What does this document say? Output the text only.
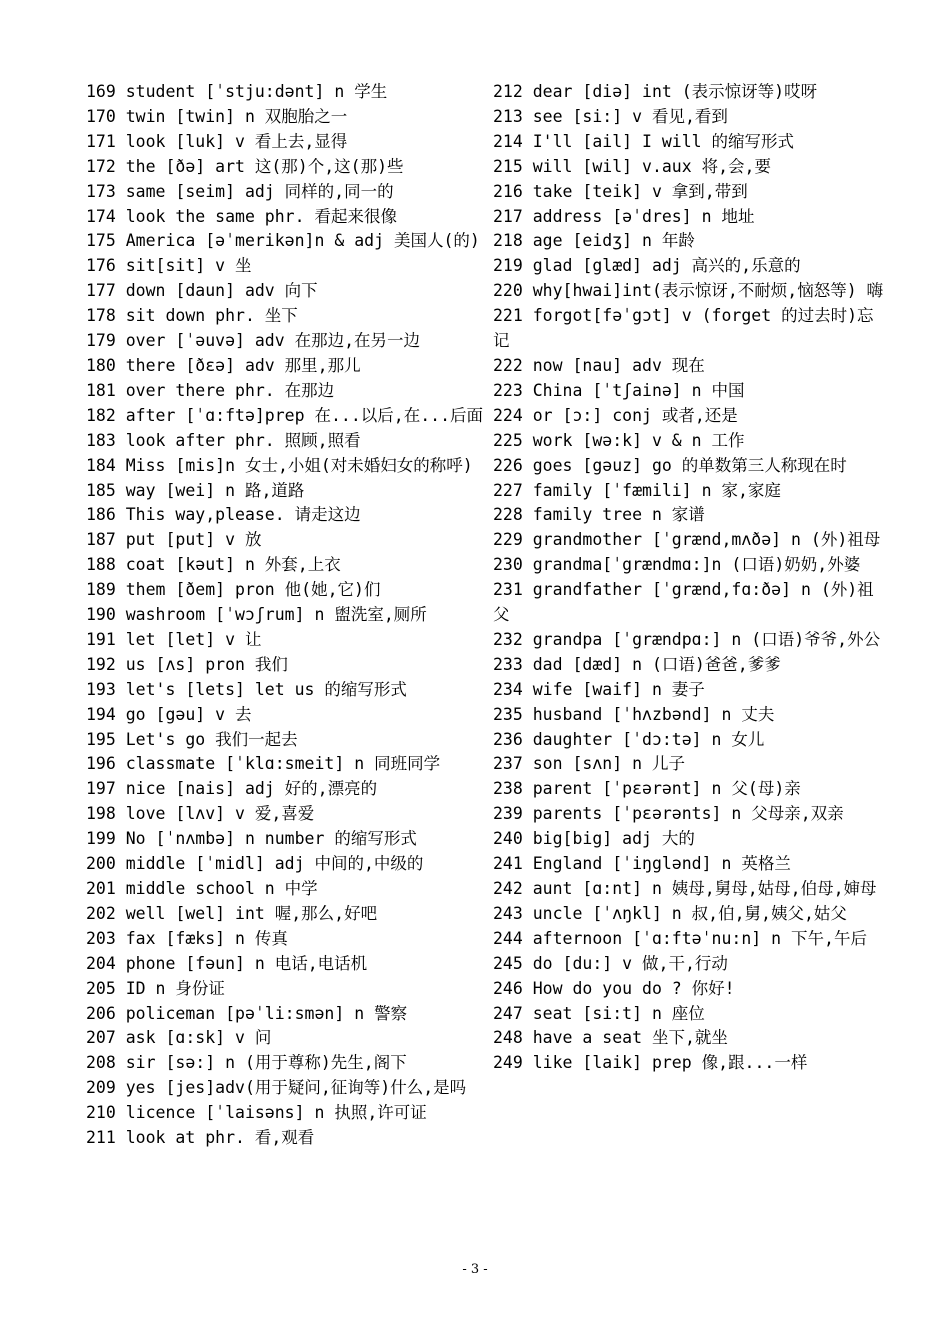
169 student [ˈstju:dənt] n 学生

170 twin [twin] n 双胞胎之一

171 look [luk] v 看上去,显得

172 the [ðə] art 这(那)个,这(那)些

173 same [seim] adj 同样的,同一的

174 look the same phr. 看起来很像

175 America [əˈmerikən]n & adj 美国人(的)

176 sit[sit] v 坐

177 down [daun] adv 向下

178 sit down phr. 坐下

179 over [ˈəuvə] adv 在那边,在另一边

180 there [ðɛə] adv 那里,那儿

181 over there phr. 在那边

182 after [ˈɑ:ftə]prep 在...以后,在...后面

183 look after phr. 照顾,照看

184 Miss [mis]n 女士,小姐(对未婚妇女的称呼)

185 way [wei] n 路,道路

186 This way,please. 请走这边

187 put [put] v 放

188 coat [kəut] n 外套,上衣

189 them [ðem] pron 他(她,它)们

190 washroom [ˈwɔʃrum] n 盥洗室,厕所

191 let [let] v 让

192 us [ʌs] pron 我们

193 let's [lets] let us 的缩写形式

194 go [gəu] v 去

195 Let's go 我们一起去

196 classmate [ˈklɑ:smeit] n 同班同学

197 nice [nais] adj 好的,漂亮的

198 love [lʌv] v 爱,喜爱

199 No [ˈnʌmbə] n number 的缩写形式

200 middle [ˈmidl] adj 中间的,中级的

201 middle school n 中学

202 well [wel] int 喔,那么,好吧

203 fax [fæks] n 传真

204 phone [fəun] n 电话,电话机

205 ID n 身份证

206 policeman [pəˈli:smən] n 警察

207 ask [ɑ:sk] v 问

208 sir [sə:] n (用于尊称)先生,阁下

209 yes [jes]adv(用于疑问,征询等)什么,是吗

210 licence [ˈlaisəns] n 执照,许可证

211 look at phr. 看,观看

212 dear [diə] int (表示惊讶等)哎呀

213 see [si:] v 看见,看到

214 I'll [ail] I will 的缩写形式

215 will [wil] v.aux 将,会,要

216 take [teik] v 拿到,带到

217 address [əˈdres] n 地址

218 age [eidʒ] n 年龄

219 glad [glæd] adj 高兴的,乐意的

220 why[hwai]int(表示惊讶,不耐烦,恼怒等) 嗨

221 forgot[fəˈgɔt] v (forget 的过去时)忘记

222 now [nau] adv 现在

223 China [ˈtʃainə] n 中国

224 or [ɔ:] conj 或者,还是

225 work [wə:k] v & n 工作

226 goes [gəuz] go 的单数第三人称现在时

227 family [ˈfæmili] n 家,家庭

228 family tree n 家谱

229 grandmother [ˈgrænd,mʌðə] n (外)祖母

230 grandma[ˈgrændmɑ:]n (口语)奶奶,外婆

231 grandfather [ˈgrænd,fɑ:ðə] n (外)祖父

232 grandpa [ˈgrændpɑ:] n (口语)爷爷,外公

233 dad [dæd] n (口语)爸爸,爹爹

234 wife [waif] n 妻子

235 husband [ˈhʌzbənd] n 丈夫

236 daughter [ˈdɔ:tə] n 女儿

237 son [sʌn] n 儿子

238 parent [ˈpɛərənt] n 父(母)亲

239 parents [ˈpɛərənts] n 父母亲,双亲

240 big[big] adj 大的

241 England [ˈiŋglənd] n 英格兰

242 aunt [ɑ:nt] n 姨母,舅母,姑母,伯母,婶母

243 uncle [ˈʌŋkl] n 叔,伯,舅,姨父,姑父

244 afternoon [ˈɑ:ftəˈnu:n] n 下午,午后

245 do [du:] v 做,干,行动

246 How do you do ? 你好!

247 seat [si:t] n 座位

248 have a seat 坐下,就坐

249 like [laik] prep 像,跟...一样

- 3 -
